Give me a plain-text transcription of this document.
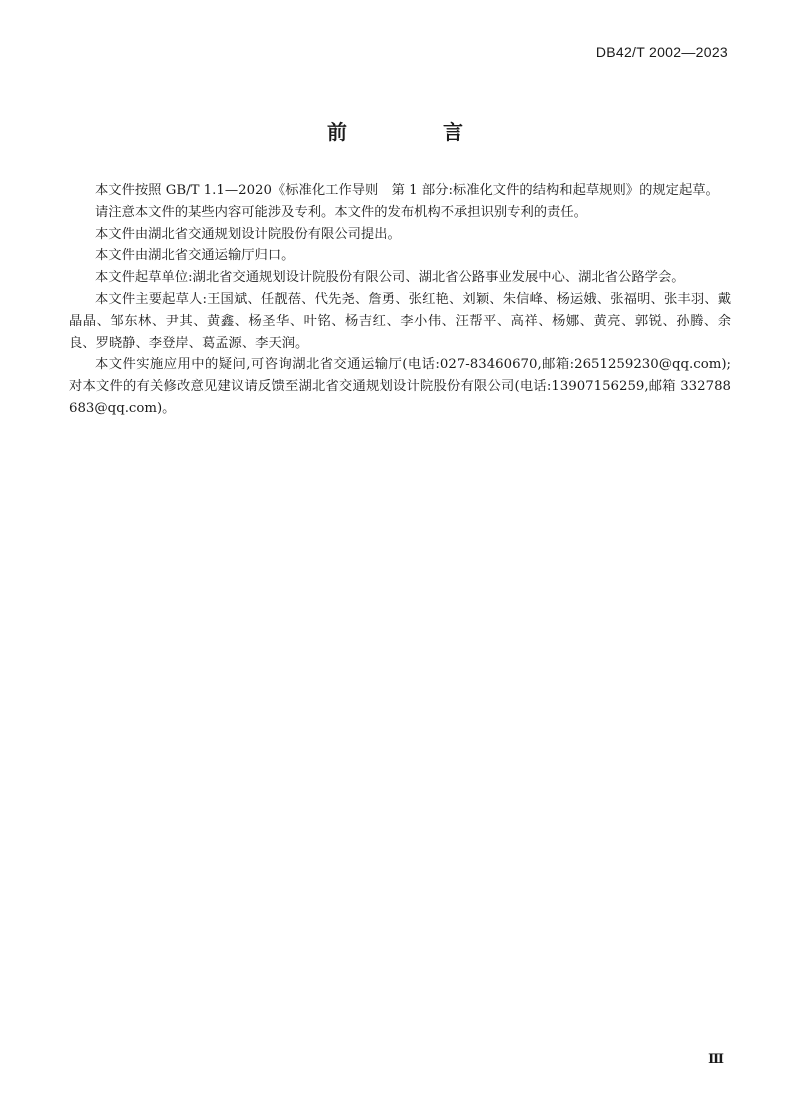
DB42/T 2002—2023
前　言

本文件按照 GB/T 1.1—2020《标准化工作导则　第 1 部分:标准化文件的结构和起草规则》的规定起草。

请注意本文件的某些内容可能涉及专利。本文件的发布机构不承担识别专利的责任。

本文件由湖北省交通规划设计院股份有限公司提出。

本文件由湖北省交通运输厅归口。

本文件起草单位:湖北省交通规划设计院股份有限公司、湖北省公路事业发展中心、湖北省公路学会。

本文件主要起草人:王国斌、任靓蓓、代先尧、詹勇、张红艳、刘颖、朱信峰、杨运娥、张福明、张丰羽、戴晶晶、邹东林、尹其、黄鑫、杨圣华、叶铭、杨吉红、李小伟、汪帮平、高祥、杨娜、黄亮、郭锐、孙腾、余良、罗晓静、李登岸、葛孟源、李天润。

本文件实施应用中的疑问,可咨询湖北省交通运输厅(电话:027-83460670,邮箱:2651259230@qq.com);对本文件的有关修改意见建议请反馈至湖北省交通规划设计院股份有限公司(电话:13907156259,邮箱 332788683@qq.com)。

Ⅲ
